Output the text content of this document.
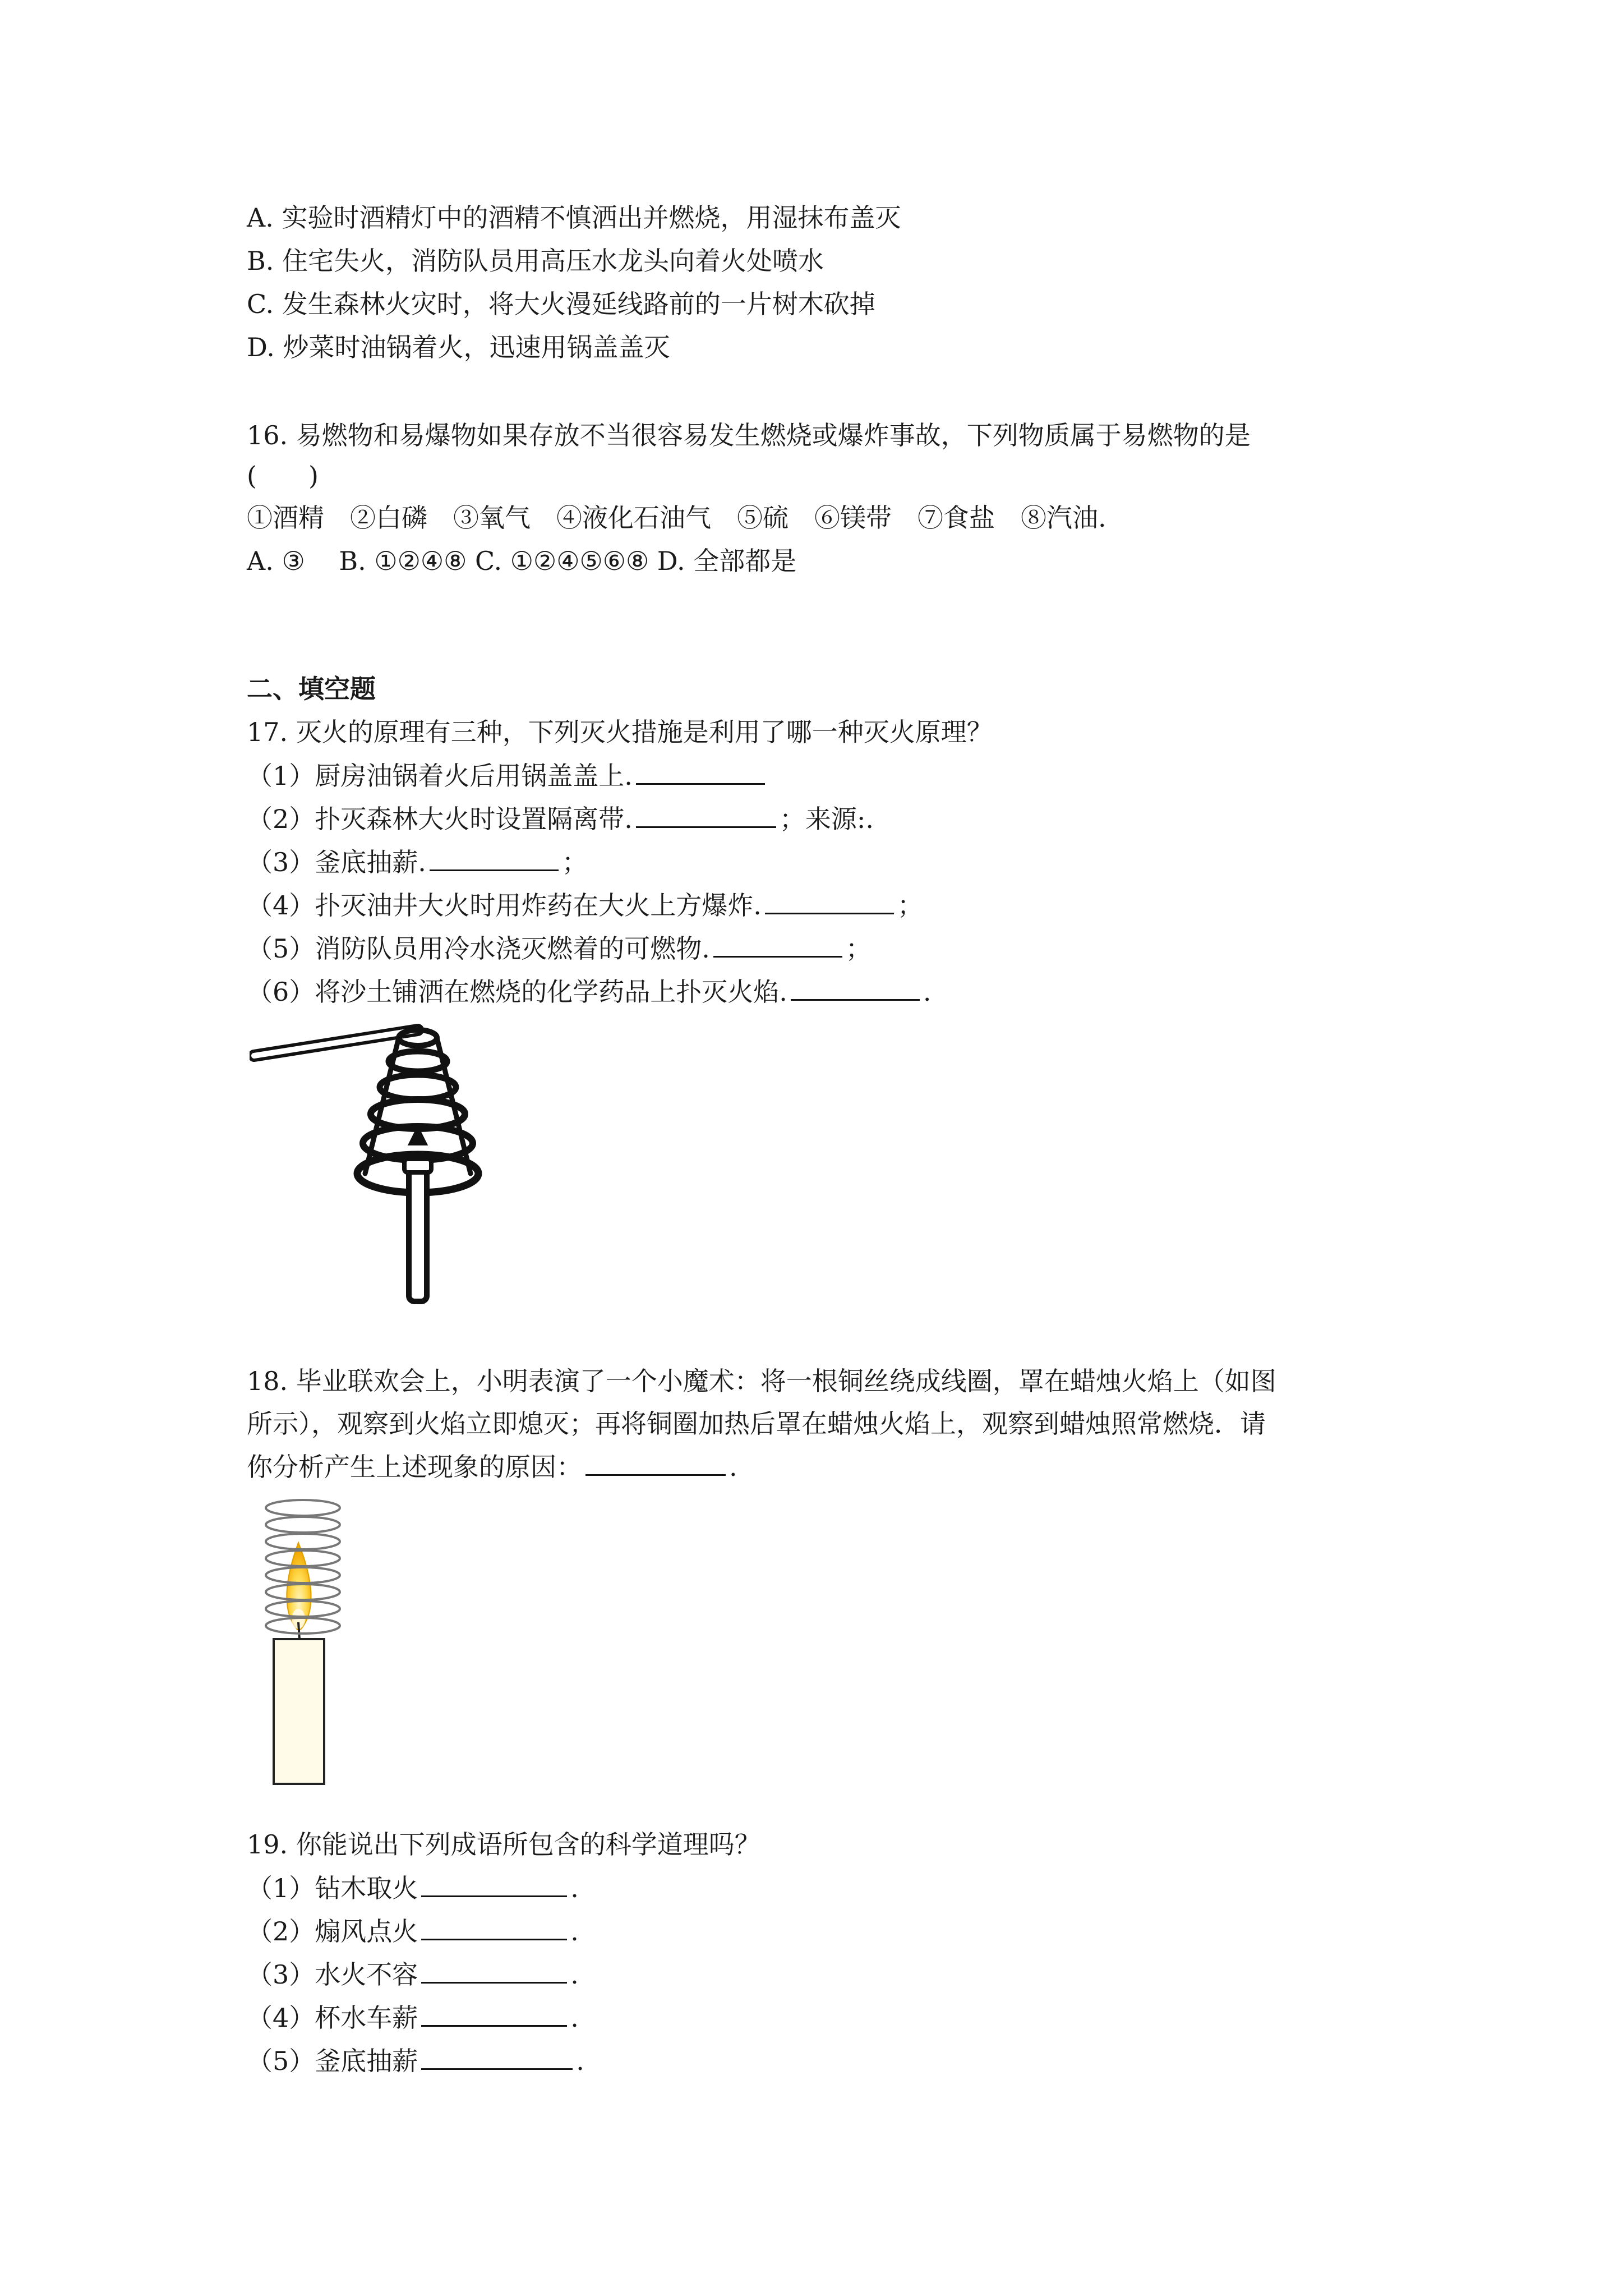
A. 实验时酒精灯中的酒精不慎洒出并燃烧，用湿抹布盖灭
B. 住宅失火，消防队员用高压水龙头向着火处喷水
C. 发生森林火灾时，将大火漫延线路前的一片树木砍掉
D. 炒菜时油锅着火，迅速用锅盖盖灭
16. 易燃物和易爆物如果存放不当很容易发生燃烧或爆炸事故，下列物质属于易燃物的是
(　　)
①酒精　②白磷　③氧气　④液化石油气　⑤硫　⑥镁带　⑦食盐　⑧汽油.
A. ③　 B. ①②④⑧ C. ①②④⑤⑥⑧ D. 全部都是
二、填空题
17. 灭火的原理有三种，下列灭火措施是利用了哪一种灭火原理？
（1）厨房油锅着火后用锅盖盖上.
（2）扑灭森林大火时设置隔离带.	；来源:.
（3）釜底抽薪.	；
（4）扑灭油井大火时用炸药在大火上方爆炸.	；
（5）消防队员用冷水浇灭燃着的可燃物.	；
（6）将沙土铺洒在燃烧的化学药品上扑灭火焰.	.
18. 毕业联欢会上，小明表演了一个小魔术：将一根铜丝绕成线圈，罩在蜡烛火焰上（如图
所示），观察到火焰立即熄灭；再将铜圈加热后罩在蜡烛火焰上，观察到蜡烛照常燃烧．请
你分析产生上述现象的原因：	.
19. 你能说出下列成语所包含的科学道理吗？
（1）钻木取火	.
（2）煽风点火	.
（3）水火不容	.
（4）杯水车薪	.
（5）釜底抽薪	.
